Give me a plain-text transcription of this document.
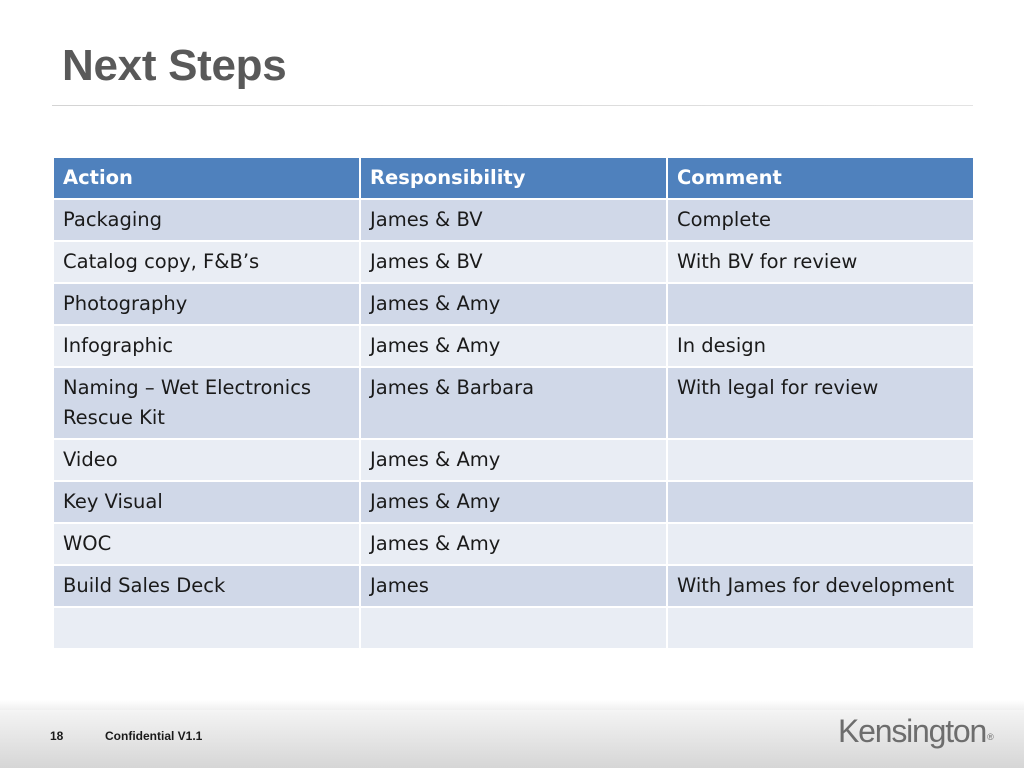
Next Steps
Action	Responsibility	Comment
Packaging	James & BV	Complete
Catalog copy, F&B’s	James & BV	With BV for review
Photography	James & Amy	
Infographic	James & Amy	In design
Naming – Wet Electronics Rescue Kit	James & Barbara	With legal for review
Video	James & Amy	
Key Visual	James & Amy	
WOC	James & Amy	
Build Sales Deck	James	With James for development

18	Confidential V1.1	Kensington®
